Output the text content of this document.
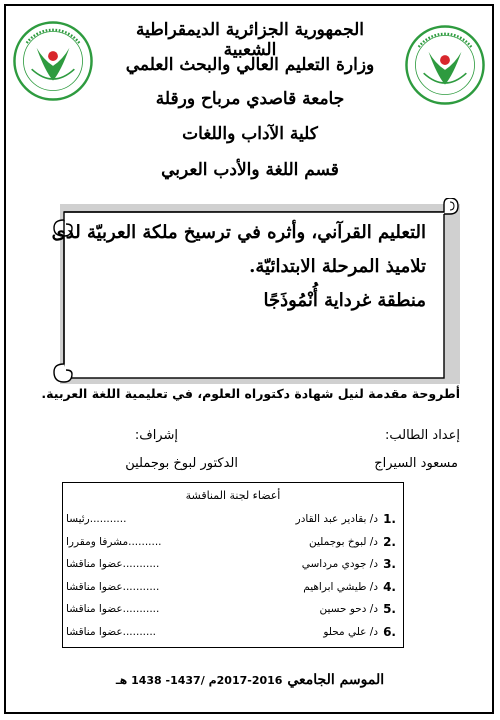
الجمهورية الجزائرية الديمقراطية الشعبية
وزارة التعليم العالي والبحث العلمي
جامعة قاصدي مرباح ورقلة
كلية الآداب واللغات
قسم اللغة والأدب العربي
التعليم القرآني، وأثره في ترسيخ ملكة العربيّة لدى
تلاميذ المرحلة الابتدائيّة.
منطقة غرداية أُنْمُوذَجًا
أطروحة مقدمة لنيل شهادة دكتوراه العلوم، في تعليمية اللغة العربية.
إعداد الطالب:
مسعود السيراج
إشراف:
الدكتور لبوخ بوجملين
أعضاء لجنة المناقشة
1.
د/ بقادير عبد القادر
...........رئيسا
2.
د/ لبوخ بوجملين
..........مشرفا ومقررا
3.
د/ جودي مرداسي
...........عضوا مناقشا
4.
د/ طيشي ابراهيم
...........عضوا مناقشا
5.
د/ دحو حسين
...........عضوا مناقشا
6.
د/ علي محلو
..........عضوا مناقشا
الموسم الجامعي 2016-2017م /1437- 1438 هـ
